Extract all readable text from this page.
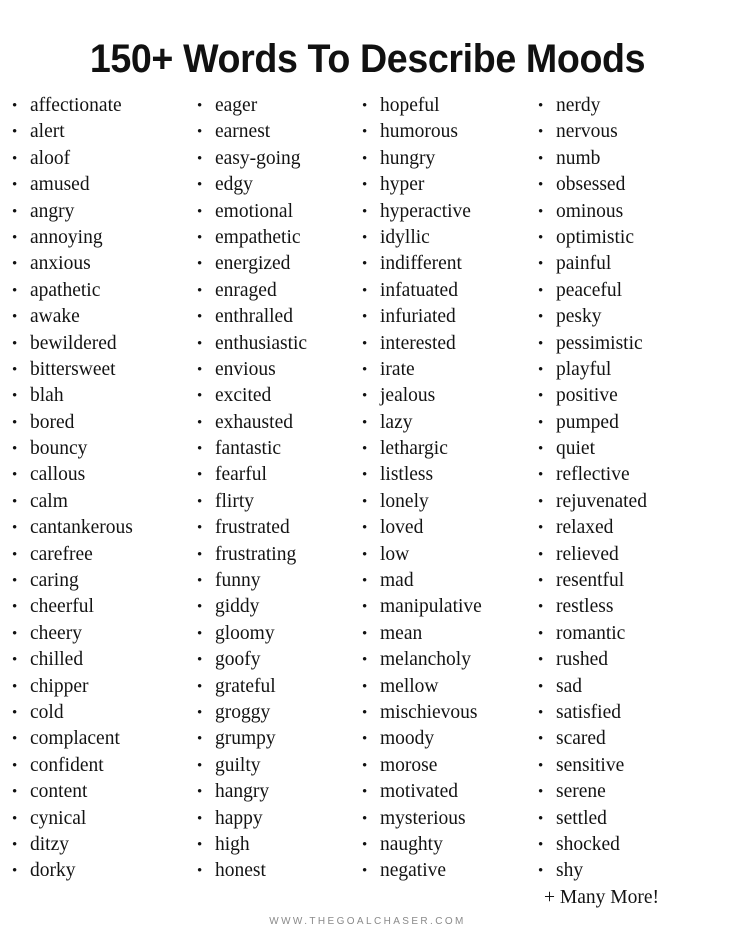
150+ Words To Describe Moods
• affectionate
• alert
• aloof
• amused
• angry
• annoying
• anxious
• apathetic
• awake
• bewildered
• bittersweet
• blah
• bored
• bouncy
• callous
• calm
• cantankerous
• carefree
• caring
• cheerful
• cheery
• chilled
• chipper
• cold
• complacent
• confident
• content
• cynical
• ditzy
• dorky
• eager
• earnest
• easy-going
• edgy
• emotional
• empathetic
• energized
• enraged
• enthralled
• enthusiastic
• envious
• excited
• exhausted
• fantastic
• fearful
• flirty
• frustrated
• frustrating
• funny
• giddy
• gloomy
• goofy
• grateful
• groggy
• grumpy
• guilty
• hangry
• happy
• high
• honest
• hopeful
• humorous
• hungry
• hyper
• hyperactive
• idyllic
• indifferent
• infatuated
• infuriated
• interested
• irate
• jealous
• lazy
• lethargic
• listless
• lonely
• loved
• low
• mad
• manipulative
• mean
• melancholy
• mellow
• mischievous
• moody
• morose
• motivated
• mysterious
• naughty
• negative
• nerdy
• nervous
• numb
• obsessed
• ominous
• optimistic
• painful
• peaceful
• pesky
• pessimistic
• playful
• positive
• pumped
• quiet
• reflective
• rejuvenated
• relaxed
• relieved
• resentful
• restless
• romantic
• rushed
• sad
• satisfied
• scared
• sensitive
• serene
• settled
• shocked
• shy
+ Many More!
WWW.THEGOALCHASER.COM
